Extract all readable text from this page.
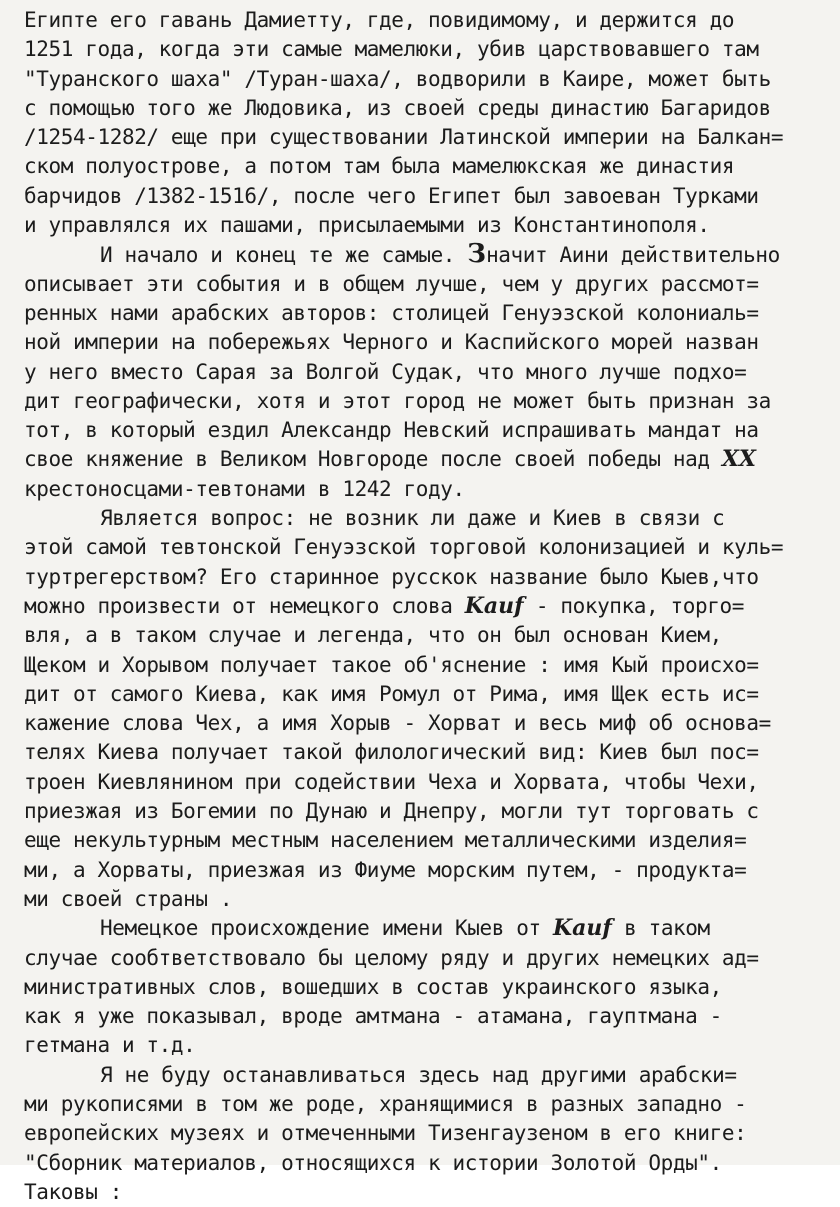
Египте его гавань Дамиетту, где, повидимому, и держится до
1251 года, когда эти самые мамелюки, убив царствовавшего там
"Туранского шаха" /Туран-шаха/, водворили в Каире, может быть
с помощью того же Людовика, из своей среды династию Багаридов
/1254-1282/ еще при существовании Латинской империи на Балкан=
ском полуострове, а потом там была мамелюкская же династия
барчидов /1382-1516/, после чего Египет был завоеван Турками
и управлялся их пашами, присылаемыми из Константинополя.
И начало и конец те же самые. Значит Аини действительно
описывает эти события и в общем лучше, чем у других рассмот=
ренных нами арабских авторов: столицей Генуэзской колониаль=
ной империи на побережьях Черного и Каспийского морей назван
у него вместо Сарая за Волгой Судак, что много лучше подхо=
дит географически, хотя и этот город не может быть признан за
тот, в который ездил Александр Невский испрашивать мандат на
свое княжение в Великом Новгороде после своей победы над ХХ
крестоносцами-тевтонами в 1242 году.
Является вопрос: не возник ли даже и Киев в связи с
этой самой тевтонской Генуэзской торговой колонизацией и куль=
туртрегерством? Его старинное русскок название было Кыев,что
можно произвести от немецкого слова Kauf - покупка, торго=
вля, а в таком случае и легенда, что он был основан Кием,
Щеком и Хорывом получает такое об'яснение : имя Кый происхо=
дит от самого Киева, как имя Ромул от Рима, имя Щек есть ис=
кажение слова Чех, а имя Хорыв - Хорват и весь миф об основа=
телях Киева получает такой филологический вид: Киев был пос=
троен Киевлянином при содействии Чеха и Хорвата, чтобы Чехи,
приезжая из Богемии по Дунаю и Днепру, могли тут торговать с
еще некультурным местным населением металлическими изделия=
ми, а Хорваты, приезжая из Фиуме морским путем, - продукта=
ми своей страны .
Немецкое происхождение имени Кыев от Kauf в таком
случае сообтветствовало бы целому ряду и других немецких ад=
министративных слов, вошедших в состав украинского языка,
как я уже показывал, вроде амтмана - атамана, гауптмана -
гетмана и т.д.
Я не буду останавливаться здесь над другими арабски=
ми рукописями в том же роде, хранящимися в разных западно -
европейских музеях и отмеченными Тизенгаузеном в его книге:
"Сборник материалов, относящихся к истории Золотой Орды".
Таковы :
